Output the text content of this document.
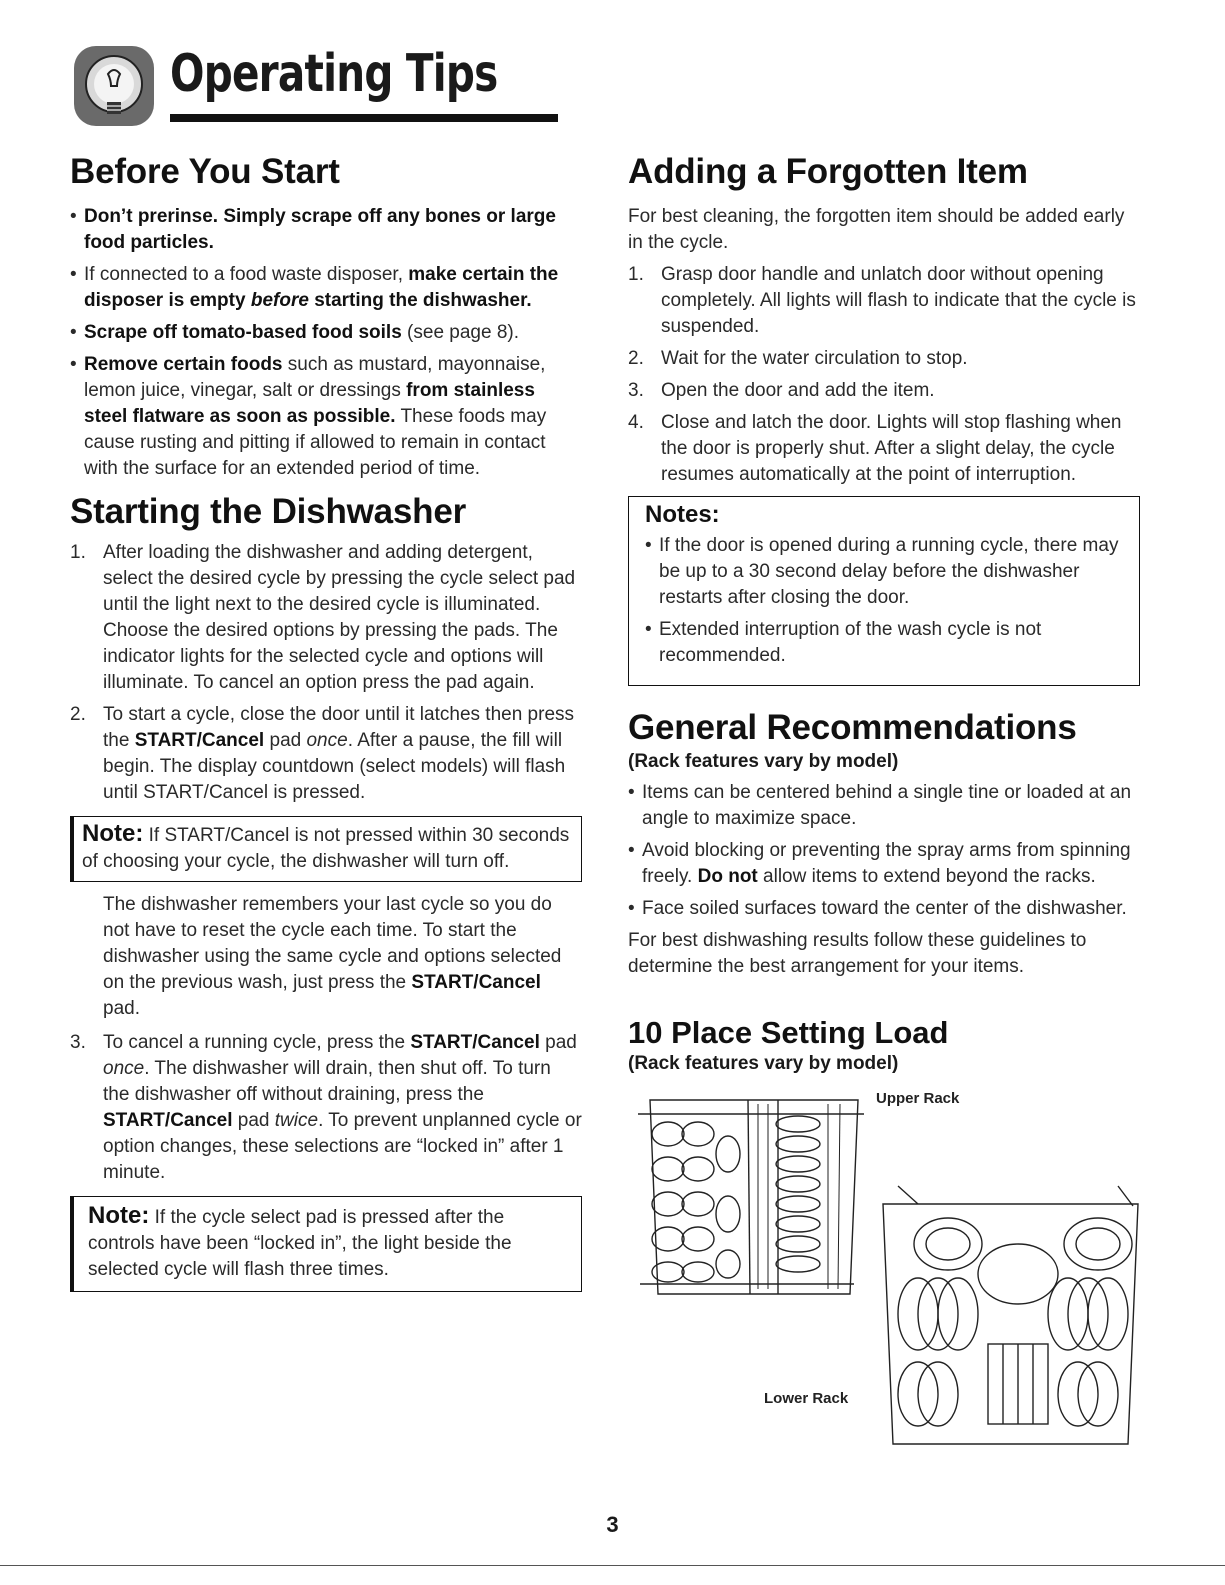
Operating Tips
Before You Start
• Don’t prerinse. Simply scrape off any bones or large food particles.
• If connected to a food waste disposer, make certain the disposer is empty before starting the dishwasher.
• Scrape off tomato-based food soils (see page 8).
• Remove certain foods such as mustard, mayonnaise, lemon juice, vinegar, salt or dressings from stainless steel flatware as soon as possible. These foods may cause rusting and pitting if allowed to remain in contact with the surface for an extended period of time.
Starting the Dishwasher
1. After loading the dishwasher and adding detergent, select the desired cycle by pressing the cycle select pad until the light next to the desired cycle is illuminated. Choose the desired options by pressing the pads. The indicator lights for the selected cycle and options will illuminate. To cancel an option press the pad again.
2. To start a cycle, close the door until it latches then press the START/Cancel pad once. After a pause, the fill will begin. The display countdown (select models) will flash until START/Cancel is pressed.

Note: If START/Cancel is not pressed within 30 seconds of choosing your cycle, the dishwasher will turn off.

The dishwasher remembers your last cycle so you do not have to reset the cycle each time. To start the dishwasher using the same cycle and options selected on the previous wash, just press the START/Cancel pad.

3. To cancel a running cycle, press the START/Cancel pad once. The dishwasher will drain, then shut off. To turn the dishwasher off without draining, press the START/Cancel pad twice. To prevent unplanned cycle or option changes, these selections are “locked in” after 1 minute.

Note: If the cycle select pad is pressed after the controls have been “locked in”, the light beside the selected cycle will flash three times.

Adding a Forgotten Item

For best cleaning, the forgotten item should be added early in the cycle.

1. Grasp door handle and unlatch door without opening completely. All lights will flash to indicate that the cycle is suspended.
2. Wait for the water circulation to stop.
3. Open the door and add the item.
4. Close and latch the door. Lights will stop flashing when the door is properly shut. After a slight delay, the cycle resumes automatically at the point of interruption.
Notes:
• If the door is opened during a running cycle, there may be up to a 30 second delay before the dishwasher restarts after closing the door.
• Extended interruption of the wash cycle is not recommended.
General Recommendations
(Rack features vary by model)
• Items can be centered behind a single tine or loaded at an angle to maximize space.
• Avoid blocking or preventing the spray arms from spinning freely. Do not allow items to extend beyond the racks.
• Face soiled surfaces toward the center of the dishwasher.

For best dishwashing results follow these guidelines to determine the best arrangement for your items.

10 Place Setting Load
(Rack features vary by model)
Upper Rack
Lower Rack
3
